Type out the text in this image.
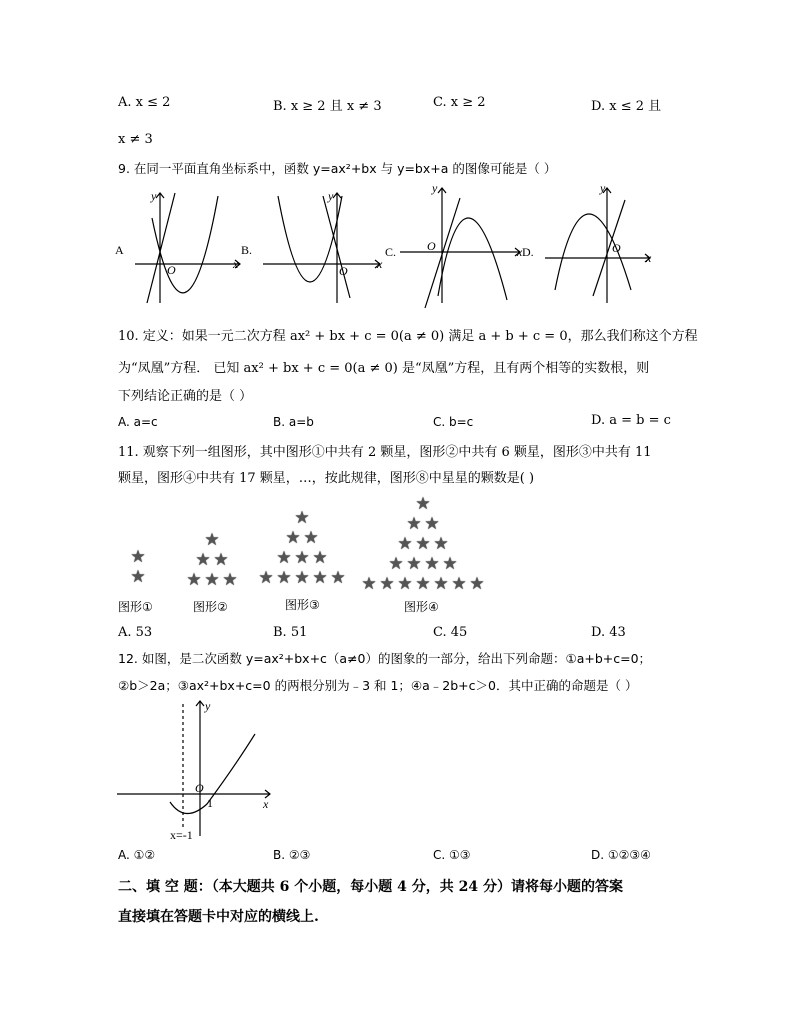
A. x ≤ 2	B. x ≥ 2 且 x ≠ 3	C. x ≥ 2	D. x ≤ 2 且
x ≠ 3
9. 在同一平面直角坐标系中，函数 y=ax²+bx 与 y=bx+a 的图像可能是（ ）
A
y
x
O
B.
y
x
O
C.
y
x
O	D.
y
x
O
10. 定义：如果一元二次方程 ax² + bx + c = 0(a ≠ 0) 满足 a + b + c = 0，那么我们称这个方程
为“凤凰”方程． 已知 ax² + bx + c = 0(a ≠ 0) 是“凤凰”方程，且有两个相等的实数根，则
下列结论正确的是（ ）
A. a=c	B. a=b	C. b=c	D. a = b = c
11. 观察下列一组图形，其中图形①中共有 2 颗星，图形②中共有 6 颗星，图形③中共有 11
颗星，图形④中共有 17 颗星，…，按此规律，图形⑧中星星的颗数是( )
★
★
★
★ ★
★ ★ ★
★
★ ★
★ ★ ★
★ ★ ★ ★ ★
★
★ ★
★ ★ ★
★ ★ ★ ★
★ ★ ★ ★ ★ ★ ★
图形①	图形②	图形③	图形④
A. 53	B. 51	C. 45	D. 43
12. 如图，是二次函数 y=ax²+bx+c（a≠0）的图象的一部分，给出下列命题：①a+b+c=0；
②b＞2a；③ax²+bx+c=0 的两根分别为﹣3 和 1；④a﹣2b+c＞0．其中正确的命题是（ ）
y
x
O
1
x=-1
A. ①②	B. ②③	C. ①③	D. ①②③④
二、填 空 题：（本大题共 6 个小题，每小题 4 分，共 24 分）请将每小题的答案
直接填在答题卡中对应的横线上.
